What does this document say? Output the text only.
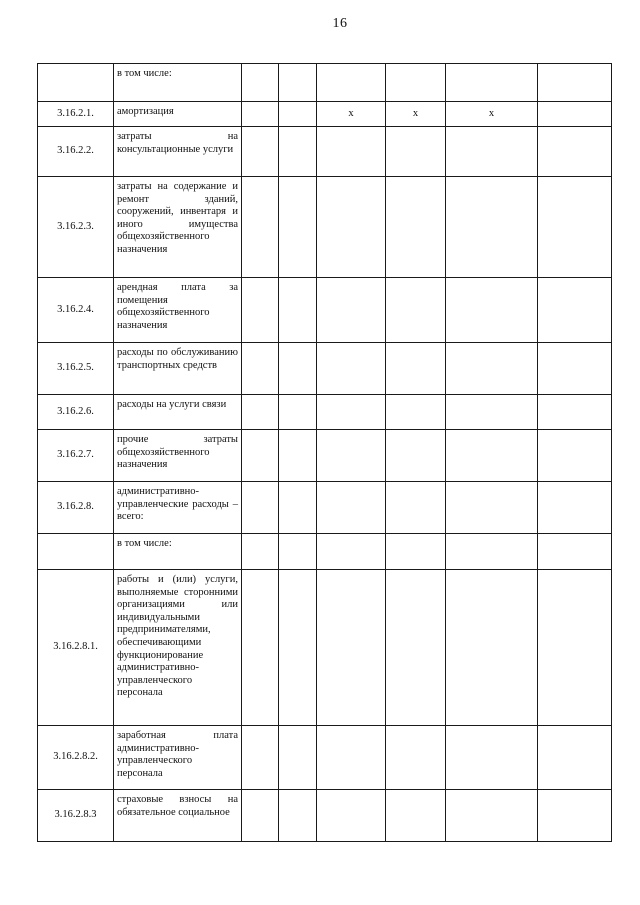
16
	в том числе:						
3.16.2.1.	амортизация			x	x	x	
3.16.2.2.	затраты на консультационные услуги						
3.16.2.3.	затраты на содержание и ремонт зданий, сооружений, инвентаря и иного имущества общехозяйственного назначения						
3.16.2.4.	арендная плата за помещения общехозяйственного назначения						
3.16.2.5.	расходы по обслуживанию транспортных средств						
3.16.2.6.	расходы на услуги связи						
3.16.2.7.	прочие затраты общехозяйственного назначения						
3.16.2.8.	административно-управленческие расходы – всего:						
	в том числе:						
3.16.2.8.1.	работы и (или) услуги, выполняемые сторонними организациями или индивидуальными предпринимателями, обеспечивающими функционирование административно-управленческого персонала						
3.16.2.8.2.	заработная плата административно-управленческого персонала						
3.16.2.8.3	страховые взносы на обязательное социальное						
